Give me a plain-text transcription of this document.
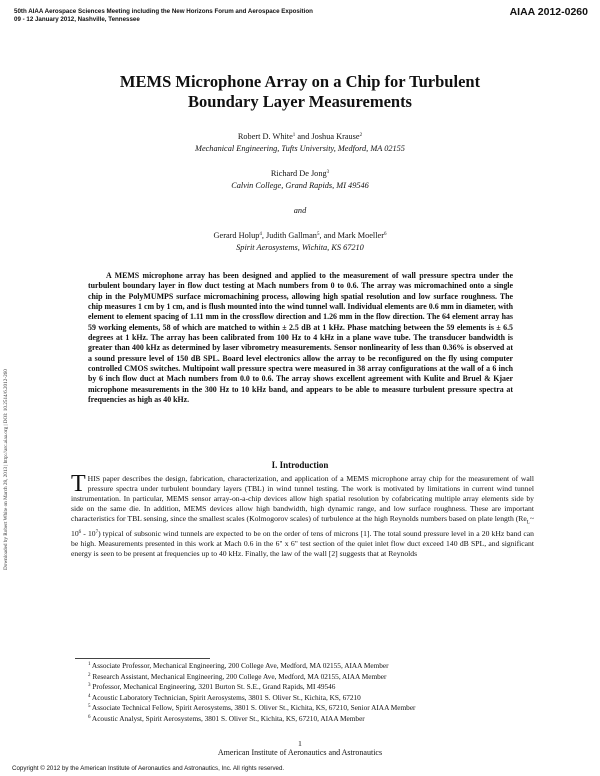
50th AIAA Aerospace Sciences Meeting including the New Horizons Forum and Aerospace Exposition
09 - 12 January 2012, Nashville, Tennessee
AIAA 2012-0260
Downloaded by Robert White on March 28, 2013 | http://arc.aiaa.org | DOI: 10.2514/6.2012-260
MEMS Microphone Array on a Chip for Turbulent
Boundary Layer Measurements
Robert D. White$^1$ and Joshua Krause$^2$
Mechanical Engineering, Tufts University, Medford, MA 02155
Richard De Jong$^3$
Calvin College, Grand Rapids, MI 49546
and
Gerard Holup$^4$, Judith Gallman$^5$, and Mark Moeller$^6$
Spirit Aerosystems, Wichita, KS 67210
A MEMS microphone array has been designed and applied to the measurement of wall pressure spectra under the turbulent boundary layer in flow duct testing at Mach numbers from 0 to 0.6. The array was micromachined onto a single chip in the PolyMUMPS surface micromachining process, allowing high spatial resolution and low surface roughness. The chip measures 1 cm by 1 cm, and is flush mounted into the wind tunnel wall. Individual elements are 0.6 mm in diameter, with element to element spacing of 1.11 mm in the crossflow direction and 1.26 mm in the flow direction. The 64 element array has 59 working elements, 58 of which are matched to within ± 2.5 dB at 1 kHz. Phase matching between the 59 elements is ± 6.5 degrees at 1 kHz. The array has been calibrated from 100 Hz to 4 kHz in a plane wave tube. The transducer bandwidth is greater than 400 kHz as determined by laser vibrometry measurements. Sensor nonlinearity of less than 0.36% is observed at a sound pressure level of 150 dB SPL. Board level electronics allow the array to be reconfigured on the fly using computer controlled CMOS switches. Multipoint wall pressure spectra were measured in 38 array configurations at the wall of a 6 inch by 6 inch flow duct at Mach numbers from 0.0 to 0.6. The array shows excellent agreement with Kulite and Bruel & Kjaer microphone measurements in the 300 Hz to 10 kHz band, and appears to be able to measure turbulent pressure spectra at frequencies as high as 40 kHz.
I. Introduction
THIS paper describes the design, fabrication, characterization, and application of a MEMS microphone array chip for the measurement of wall pressure spectra under turbulent boundary layers (TBL) in wind tunnel testing. The work is motivated by limitations in current wind tunnel instrumentation. In particular, MEMS sensor array-on-a-chip devices allow high spatial resolution by cofabricating multiple array elements side by side on the same die. In addition, MEMS devices allow high bandwidth, high dynamic range, and low surface roughness. These are important characteristics for TBL sensing, since the smallest scales (Kolmogorov scales) of turbulence at the high Reynolds numbers based on plate length ($Re_L\sim$ $10^6 - 10^7$) typical of subsonic wind tunnels are expected to be on the order of tens of microns [1]. The total sound pressure level in a 20 kHz band can be high. Measurements presented in this work at Mach 0.6 in the 6" x 6" test section of the quiet inlet flow duct exceed 140 dB SPL, and significant energy is seen to be present at frequencies up to 40 kHz. Finally, the law of the wall [2] suggests that at Reynolds
$^1$ Associate Professor, Mechanical Engineering, 200 College Ave, Medford, MA 02155, AIAA Member
$^2$ Research Assistant, Mechanical Engineering, 200 College Ave, Medford, MA 02155, AIAA Member
$^3$ Professor, Mechanical Engineering, 3201 Burton St. S.E., Grand Rapids, MI 49546
$^4$ Acoustic Laboratory Technician, Spirit Aerosystems, 3801 S. Oliver St., Kichita, KS, 67210
$^5$ Associate Technical Fellow, Spirit Aerosystems, 3801 S. Oliver St., Kichita, KS, 67210, Senior AIAA Member
$^6$ Acoustic Analyst, Spirit Aerosystems, 3801 S. Oliver St., Kichita, KS, 67210, AIAA Member
1
American Institute of Aeronautics and Astronautics
Copyright © 2012 by the American Institute of Aeronautics and Astronautics, Inc. All rights reserved.
